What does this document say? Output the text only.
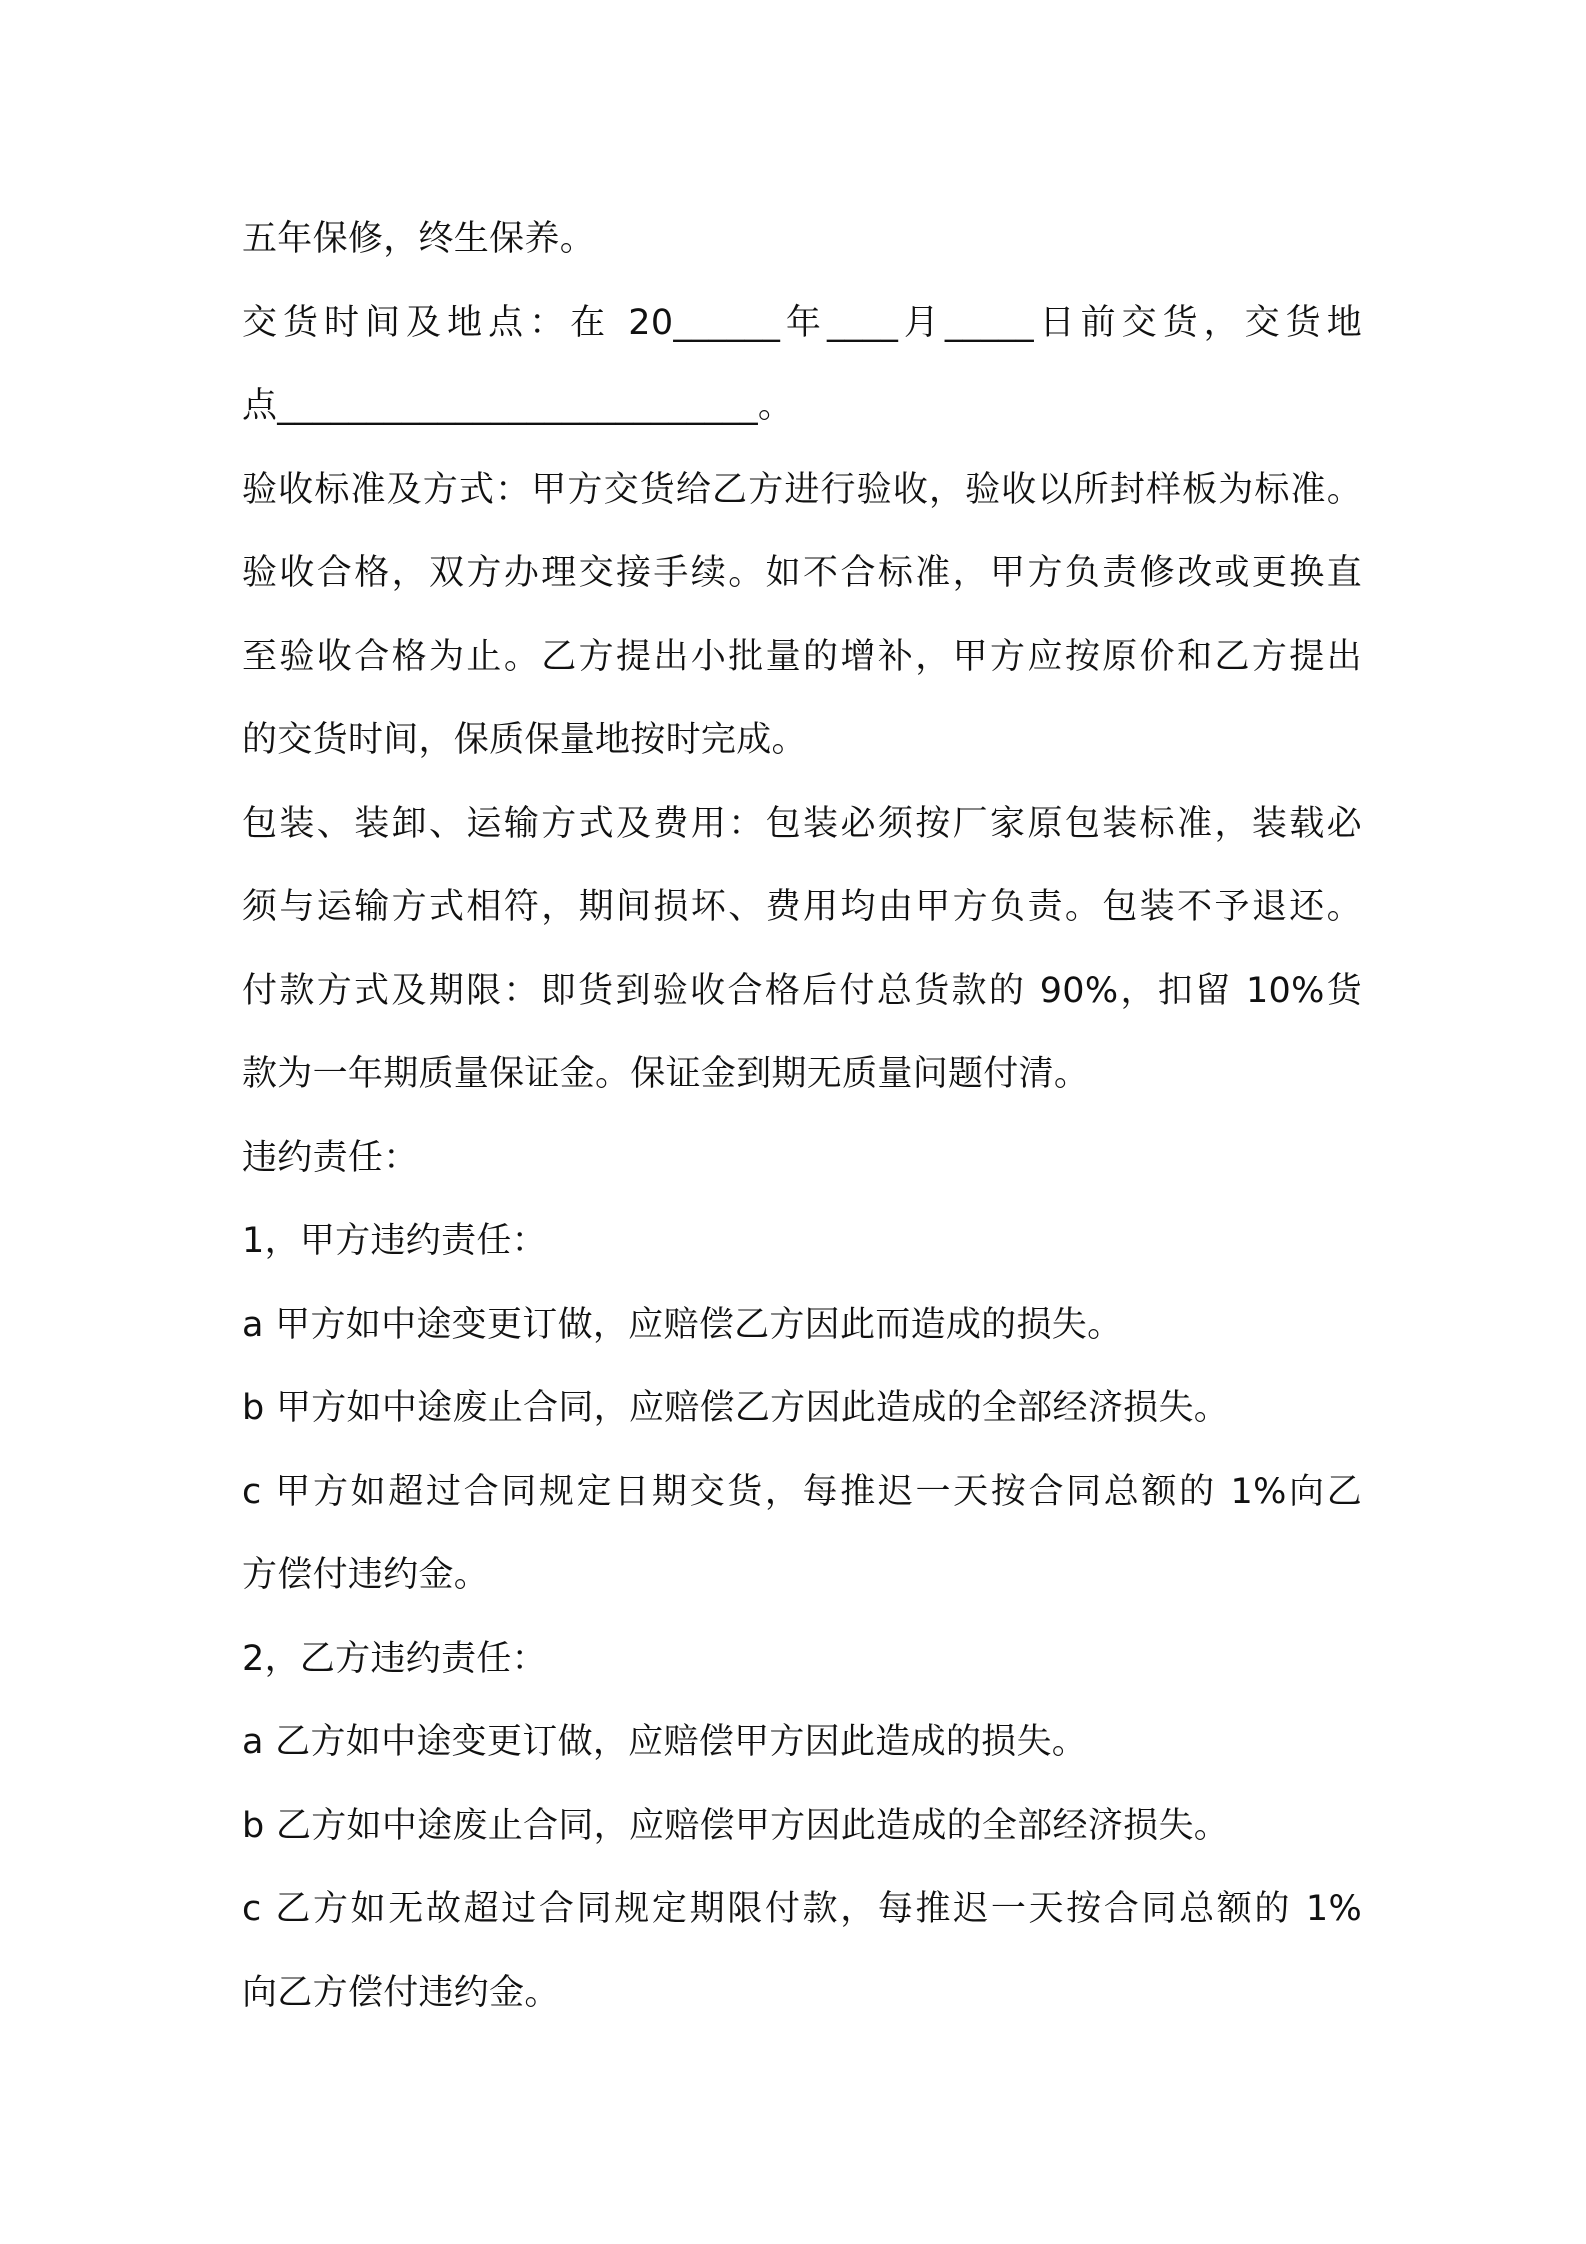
五年保修，终生保养。
交货时间及地点：在 20______年____月_____日前交货，交货地
点___________________________。
验收标准及方式：甲方交货给乙方进行验收，验收以所封样板为标准。
验收合格，双方办理交接手续。如不合标准，甲方负责修改或更换直
至验收合格为止。乙方提出小批量的增补，甲方应按原价和乙方提出
的交货时间，保质保量地按时完成。
包装、装卸、运输方式及费用：包装必须按厂家原包装标准，装载必
须与运输方式相符，期间损坏、费用均由甲方负责。包装不予退还。
付款方式及期限：即货到验收合格后付总货款的 90%，扣留 10%货
款为一年期质量保证金。保证金到期无质量问题付清。
违约责任：
1，甲方违约责任：
a 甲方如中途变更订做，应赔偿乙方因此而造成的损失。
b 甲方如中途废止合同，应赔偿乙方因此造成的全部经济损失。
c 甲方如超过合同规定日期交货，每推迟一天按合同总额的 1%向乙
方偿付违约金。
2，乙方违约责任：
a 乙方如中途变更订做，应赔偿甲方因此造成的损失。
b 乙方如中途废止合同，应赔偿甲方因此造成的全部经济损失。
c 乙方如无故超过合同规定期限付款，每推迟一天按合同总额的 1%
向乙方偿付违约金。
